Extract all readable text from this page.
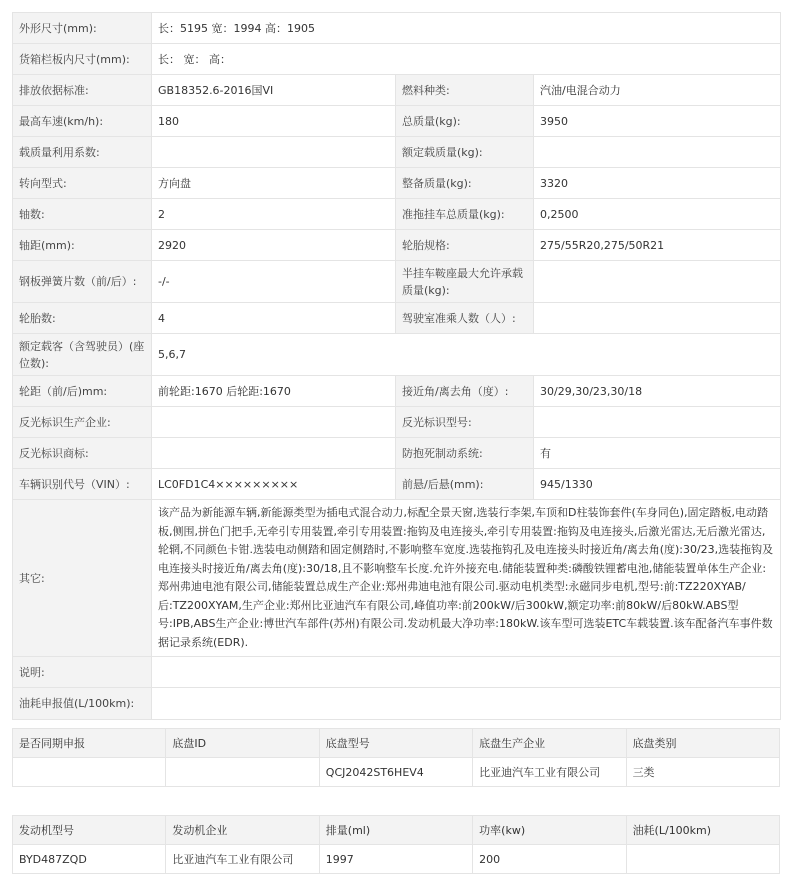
外形尺寸(mm):	长：5195 宽：1994 高：1905		
货箱栏板内尺寸(mm):	长： 宽： 高：		
排放依据标准:	GB18352.6-2016国VI	燃料种类:	汽油/电混合动力
最高车速(km/h):	180	总质量(kg):	3950
载质量利用系数:		额定载质量(kg):	
转向型式:	方向盘	整备质量(kg):	3320
轴数:	2	准拖挂车总质量(kg):	0,2500
轴距(mm):	2920	轮胎规格:	275/55R20,275/50R21
钢板弹簧片数（前/后）:	-/-	半挂车鞍座最大允许承载质量(kg):	
轮胎数:	4	驾驶室准乘人数（人）:	
额定载客（含驾驶员）(座位数):	5,6,7		
轮距（前/后)mm:	前轮距:1670 后轮距:1670	接近角/离去角（度）:	30/29,30/23,30/18
反光标识生产企业:		反光标识型号:	
反光标识商标:		防抱死制动系统:	有
车辆识别代号（VIN）:	LC0FD1C4×××××××××	前悬/后悬(mm):	945/1330
其它:	该产品为新能源车辆,新能源类型为插电式混合动力,标配全景天窗,选装行李架,车顶和D柱装饰套件(车身同色),固定踏板,电动踏板,侧围,拼色门把手,无牵引专用装置,牵引专用装置:拖钩及电连接头,牵引专用装置:拖钩及电连接头,后激光雷达,无后激光雷达,轮辋,不同颜色卡钳.选装电动侧踏和固定侧踏时,不影响整车宽度.选装拖钩孔及电连接头时接近角/离去角(度):30/23,选装拖钩及电连接头时接近角/离去角(度):30/18,且不影响整车长度.允许外接充电.储能装置种类:磷酸铁锂蓄电池,储能装置单体生产企业:郑州弗迪电池有限公司,储能装置总成生产企业:郑州弗迪电池有限公司.驱动电机类型:永磁同步电机,型号:前:TZ220XYAB/后:TZ200XYAM,生产企业:郑州比亚迪汽车有限公司,峰值功率:前200kW/后300kW,额定功率:前80kW/后80kW.ABS型号:IPB,ABS生产企业:博世汽车部件(苏州)有限公司.发动机最大净功率:180kW.该车型可选装ETC车载装置.该车配备汽车事件数据记录系统(EDR).		
说明:			
油耗申报值(L/100km):			
是否同期申报	底盘ID	底盘型号	底盘生产企业	底盘类别
		QCJ2042ST6HEV4	比亚迪汽车工业有限公司	三类
发动机型号	发动机企业	排量(ml)	功率(kw)	油耗(L/100km)
BYD487ZQD	比亚迪汽车工业有限公司	1997	200	
